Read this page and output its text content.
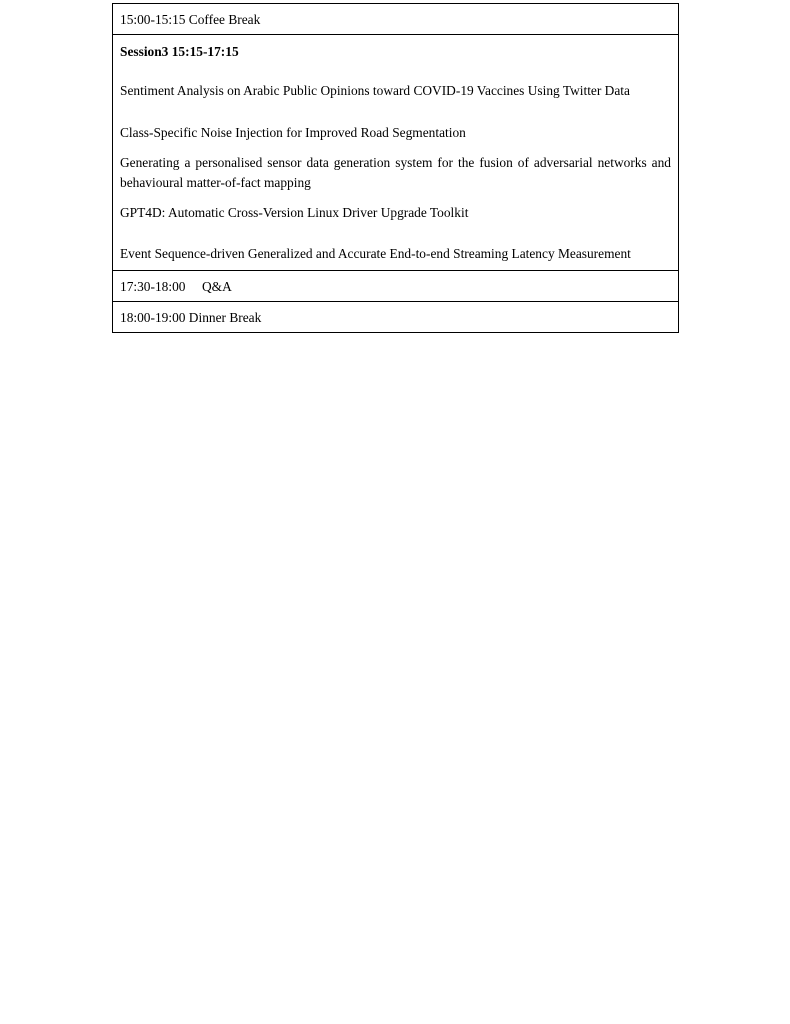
15:00-15:15 Coffee Break

Session3 15:15-17:15

Sentiment Analysis on Arabic Public Opinions toward COVID-19 Vaccines Using Twitter Data

Class-Specific Noise Injection for Improved Road Segmentation

Generating a personalised sensor data generation system for the fusion of adversarial networks and behavioural matter-of-fact mapping

GPT4D: Automatic Cross-Version Linux Driver Upgrade Toolkit

Event Sequence-driven Generalized and Accurate End-to-end Streaming Latency Measurement

17:30-18:00 Q&A
18:00-19:00 Dinner Break
